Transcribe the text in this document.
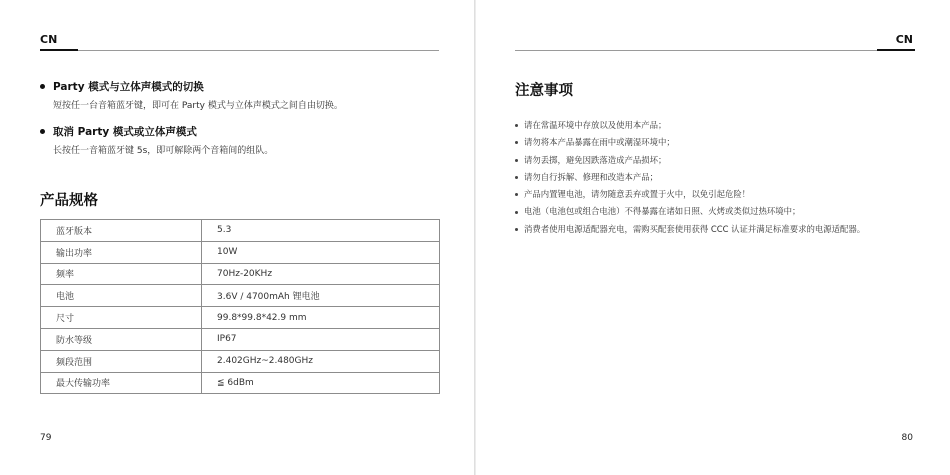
CN
Party 模式与立体声模式的切换
短按任一台音箱蓝牙键，即可在 Party 模式与立体声模式之间自由切换。
取消 Party 模式或立体声模式
长按任一音箱蓝牙键 5s，即可解除两个音箱间的组队。
产品规格
蓝牙版本	5.3
输出功率	10W
频率	70Hz-20KHz
电池	3.6V / 4700mAh 锂电池
尺寸	99.8*99.8*42.9 mm
防水等级	IP67
频段范围	2.402GHz~2.480GHz
最大传输功率	≦ 6dBm
79
CN
注意事项
请在常温环境中存放以及使用本产品；
请勿将本产品暴露在雨中或潮湿环境中；
请勿丢掷，避免因跌落造成产品损坏；
请勿自行拆解、修理和改造本产品；
产品内置锂电池，请勿随意丢弃或置于火中，以免引起危险！
电池（电池包或组合电池）不得暴露在诸如日照、火烤或类似过热环境中；
消费者使用电源适配器充电，需购买配套使用获得 CCC 认证并满足标准要求的电源适配器。
80
